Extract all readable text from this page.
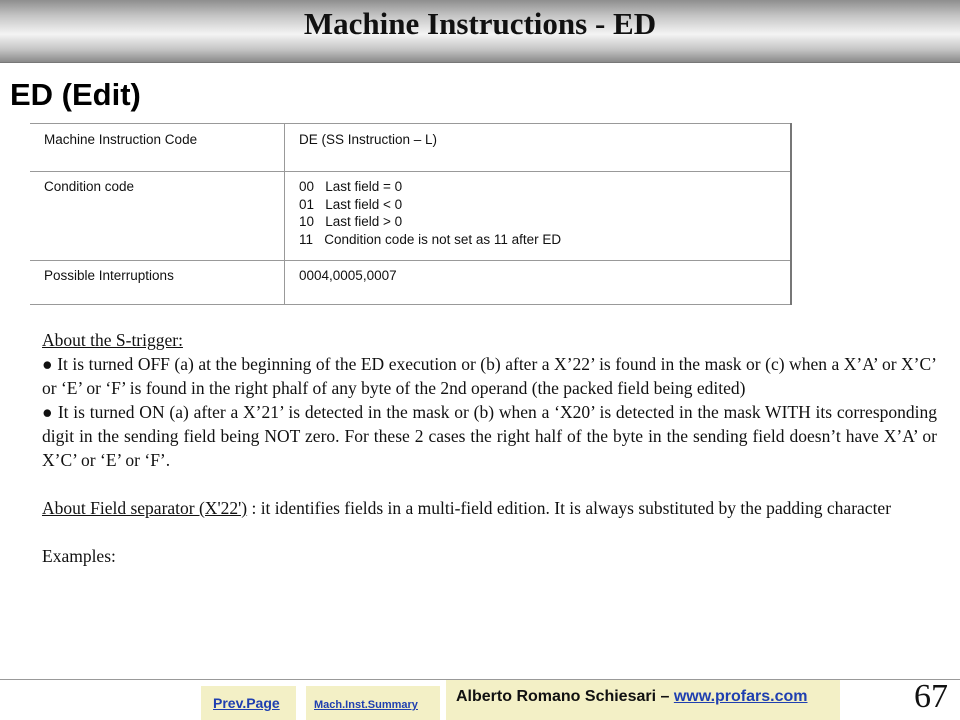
Machine Instructions - ED
ED (Edit)
Machine Instruction Code	DE (SS Instruction – L)

Condition code	00   Last field = 0
01   Last field < 0
10   Last field > 0
11   Condition code is not set as 11 after ED

Possible Interruptions	0004,0005,0007

About the S-trigger:

● It is turned OFF (a) at the beginning of the ED execution or (b) after a X’22’ is found in the mask or (c) when a X’A’ or X’C’ or ‘E’ or ‘F’ is found in the right phalf of any byte of the 2nd operand (the packed field being edited)

● It is turned ON (a) after a X’21’ is detected in the mask or (b) when a ‘X20’ is detected in the mask WITH its corresponding digit in the sending field being NOT zero. For these 2 cases the right half of the byte in the sending field doesn’t have X’A’ or X’C’ or ‘E’ or ‘F’.

About Field separator (X'22') : it identifies fields in a multi-field edition. It is always substituted by the padding character

Examples:

Prev.Page	Mach.Inst.Summary Alberto Romano Schiesari – www.profars.com	67
